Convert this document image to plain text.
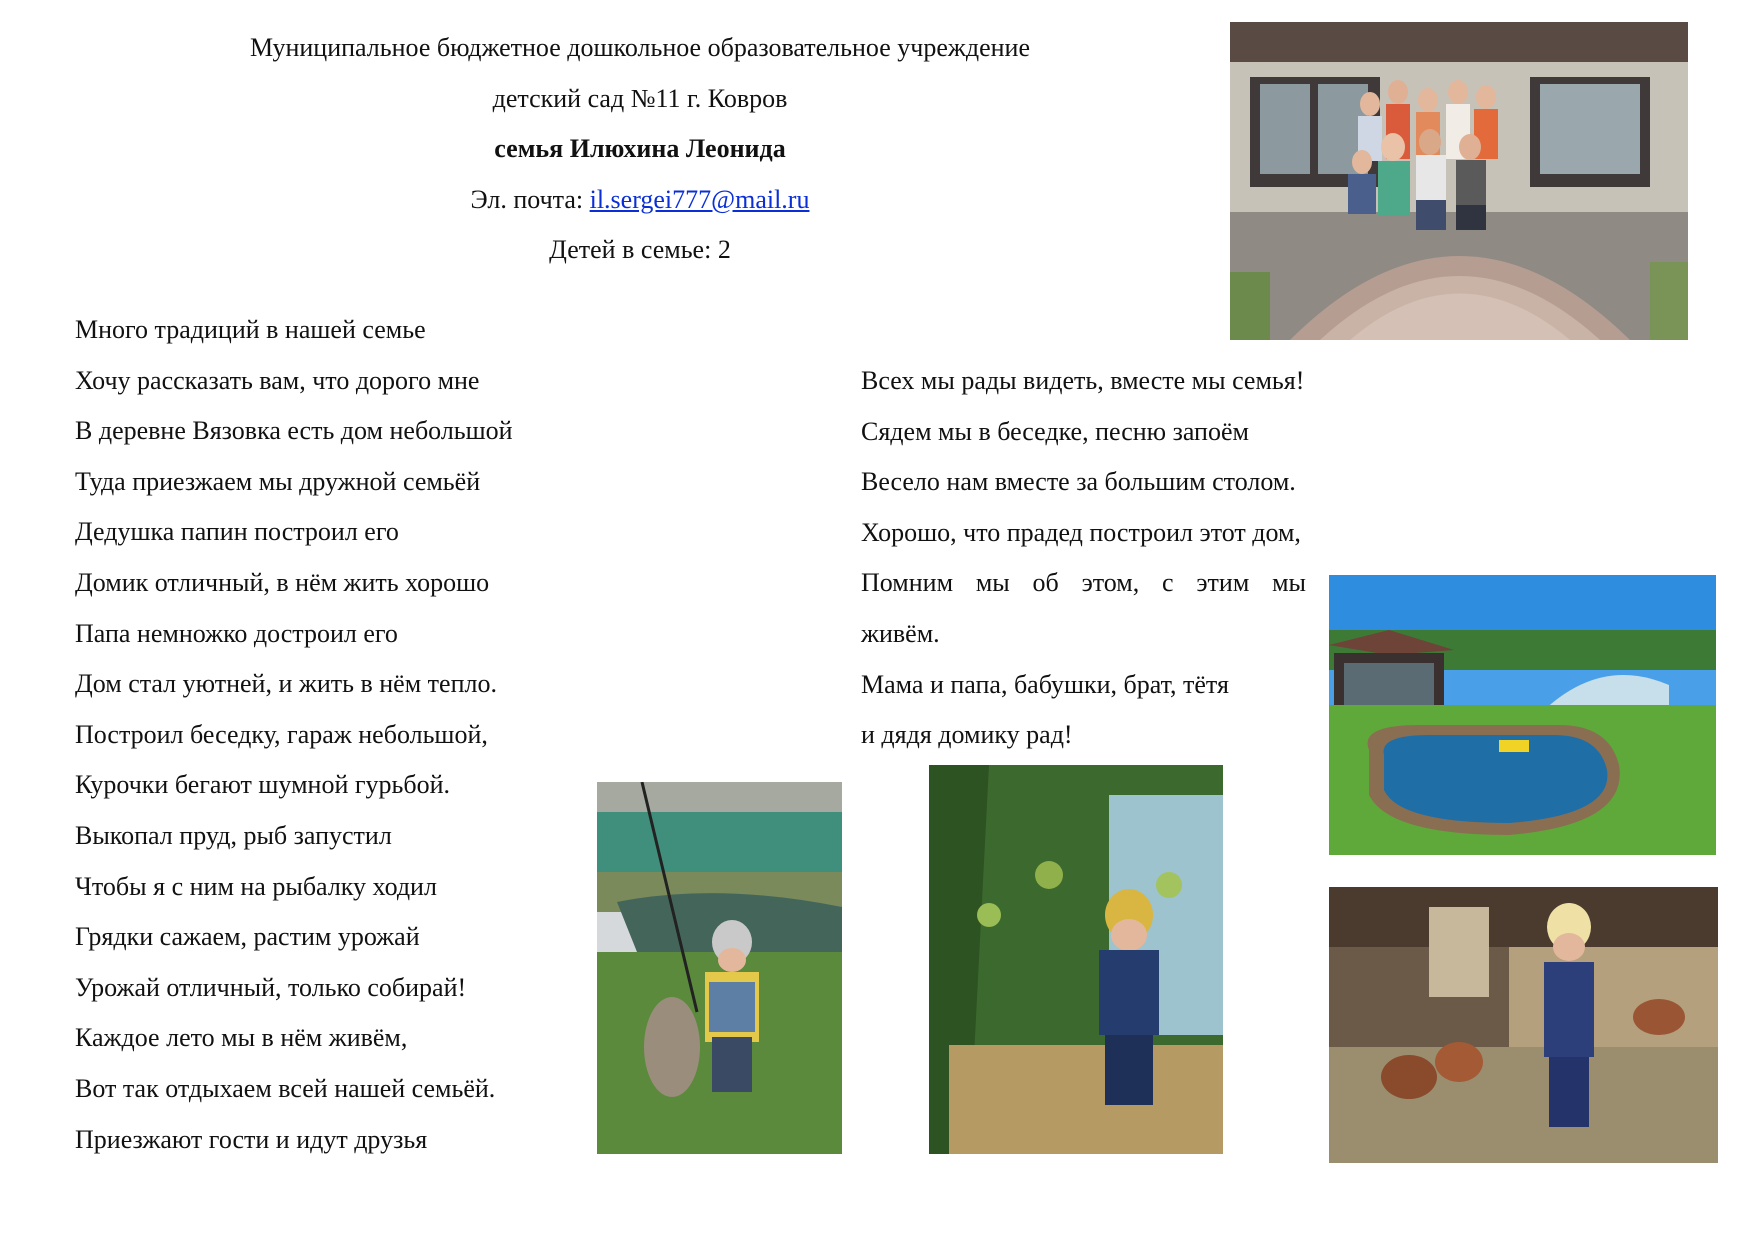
Муниципальное бюджетное дошкольное образовательное учреждение
детский сад №11 г. Ковров
семья Илюхина Леонида
Эл. почта: il.sergei777@mail.ru
Детей в семье: 2
Много традиций в нашей семье
Хочу рассказать вам, что дорого мне
В деревне Вязовка есть дом небольшой
Туда приезжаем мы дружной семьёй
Дедушка папин построил его
Домик отличный, в нём жить хорошо
Папа немножко достроил его
Дом стал уютней, и жить в нём тепло.
Построил беседку, гараж небольшой,
Курочки бегают шумной гурьбой.
Выкопал пруд, рыб запустил
Чтобы я с ним на рыбалку ходил
Грядки сажаем, растим урожай
Урожай отличный, только собирай!
Каждое лето мы в нём живём,
Вот так отдыхаем всей нашей семьёй.
Приезжают гости и идут друзья
Всех мы рады видеть, вместе мы семья!
Сядем мы в беседке, песню запоём
Весело нам вместе за большим столом.
Хорошо, что прадед построил этот дом,
Помним мы об этом, с этим мы
живём.
Мама и папа, бабушки, брат, тётя
и дядя домику рад!
